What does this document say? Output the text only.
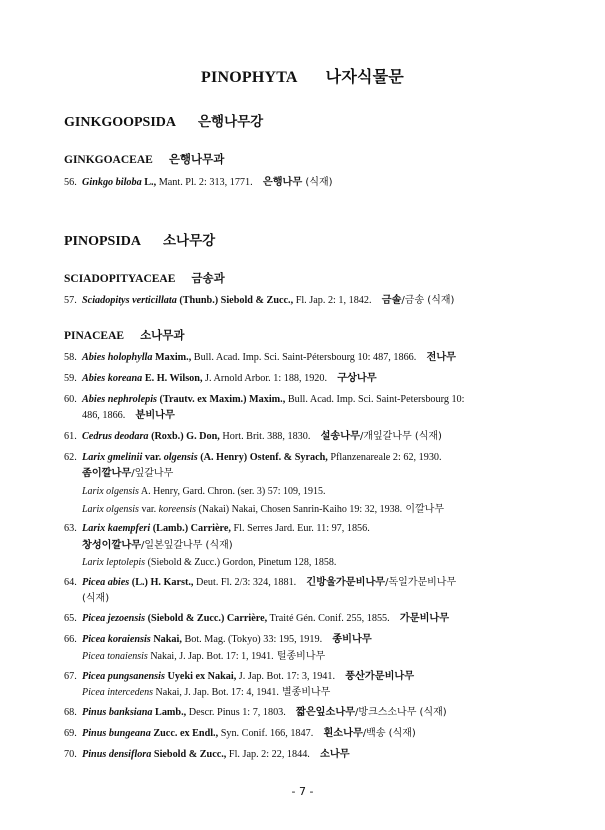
PINOPHYTA 나자식물문
GINKGOOPSIDA 은행나무강
GINKGOACEAE 은행나무과
56. Ginkgo biloba L., Mant. Pl. 2: 313, 1771. 은행나무 (식재)
PINOPSIDA 소나무강
SCIADOPITYACEAE 금송과
57. Sciadopitys verticillata (Thunb.) Siebold & Zucc., Fl. Jap. 2: 1, 1842. 금솔/금송 (식재)
PINACEAE 소나무과
58. Abies holophylla Maxim., Bull. Acad. Imp. Sci. Saint-Pétersbourg 10: 487, 1866. 전나무
59. Abies koreana E. H. Wilson, J. Arnold Arbor. 1: 188, 1920. 구상나무
60. Abies nephrolepis (Trautv. ex Maxim.) Maxim., Bull. Acad. Imp. Sci. Saint-Petersbourg 10:
486, 1866. 분비나무
61. Cedrus deodara (Roxb.) G. Don, Hort. Brit. 388, 1830. 설송나무/개잎갈나무 (식재)
62. Larix gmelinii var. olgensis (A. Henry) Ostenf. & Syrach, Pflanzenareale 2: 62, 1930.
좀이깔나무/잎갈나무
Larix olgensis A. Henry, Gard. Chron. (ser. 3) 57: 109, 1915.
Larix olgensis var. koreensis (Nakai) Nakai, Chosen Sanrin-Kaiho 19: 32, 1938. 이깔나무
63. Larix kaempferi (Lamb.) Carrière, Fl. Serres Jard. Eur. 11: 97, 1856.
창성이깔나무/일본잎갈나무 (식재)
Larix leptolepis (Siebold & Zucc.) Gordon, Pinetum 128, 1858.
64. Picea abies (L.) H. Karst., Deut. Fl. 2/3: 324, 1881. 긴방울가문비나무/독일가문비나무
(식재)
65. Picea jezoensis (Siebold & Zucc.) Carrière, Traité Gén. Conif. 255, 1855. 가문비나무
66. Picea koraiensis Nakai, Bot. Mag. (Tokyo) 33: 195, 1919. 종비나무
Picea tonaiensis Nakai, J. Jap. Bot. 17: 1, 1941. 털종비나무
67. Picea pungsanensis Uyeki ex Nakai, J. Jap. Bot. 17: 3, 1941. 풍산가문비나무
Picea intercedens Nakai, J. Jap. Bot. 17: 4, 1941. 별종비나무
68. Pinus banksiana Lamb., Descr. Pinus 1: 7, 1803. 짧은잎소나무/방크스소나무 (식재)
69. Pinus bungeana Zucc. ex Endl., Syn. Conif. 166, 1847. 흰소나무/백송 (식재)
70. Pinus densiflora Siebold & Zucc., Fl. Jap. 2: 22, 1844. 소나무
- 7 -
